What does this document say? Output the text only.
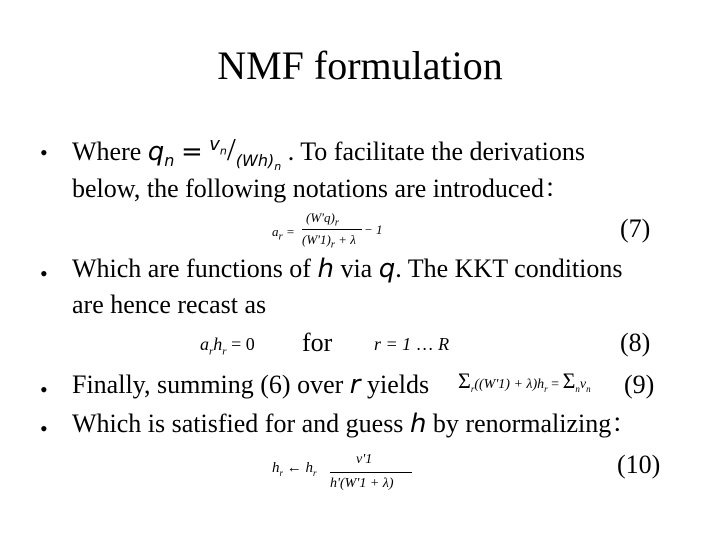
NMF formulation
• Where $q_n = ^{v_n}/_{(Wh)_n}$ . To facilitate the derivations
below, the following notations are introduced：
$a_r$ =
$(W'q)_r$
$(W'1)_r + \lambda$
− 1	(7)
• Which are functions of h via q. The KKT conditions
are hence recast as
$a_rh_r = 0$ for r = 1 … R	(8)
• Finally, summing (6) over r yields $\Sigma_r((W'1) + \lambda)h_r = \Sigma_nv_n$ (9)
• Which is satisfied for and guess h by renormalizing：
$h_r$ ← $h_r$
v'1
h'(W'1 + λ)
(10)
